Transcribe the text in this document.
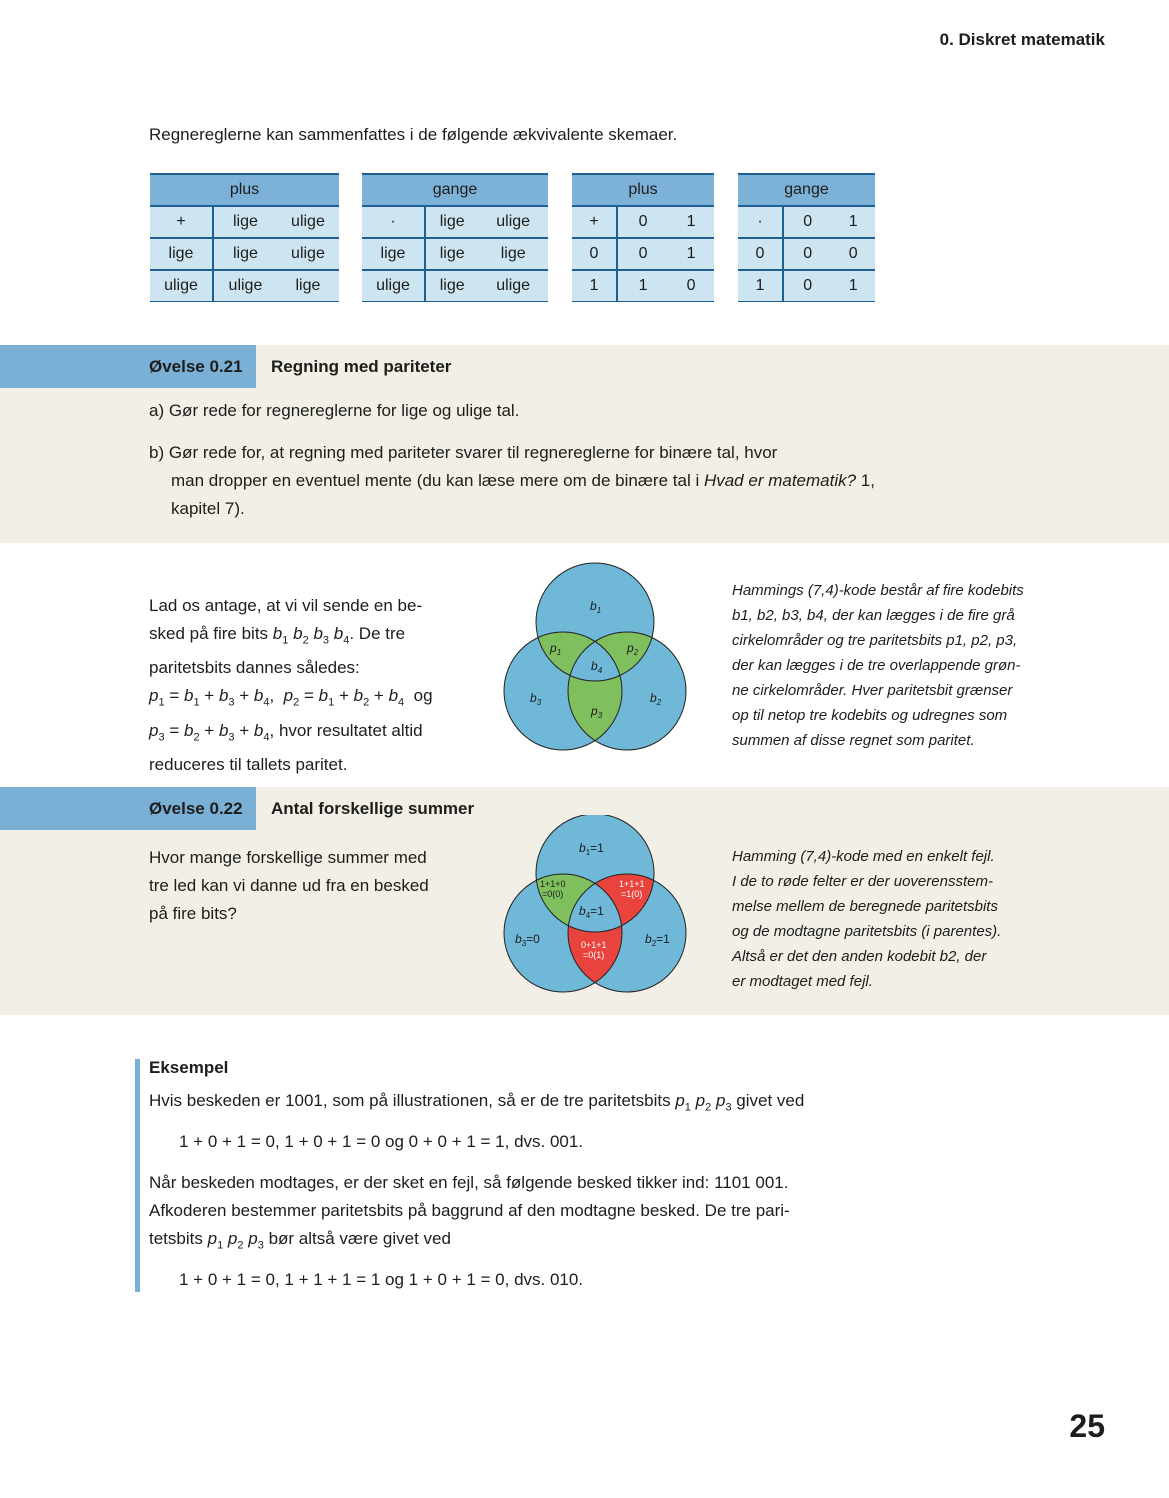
0. Diskret matematik
Regnereglerne kan sammenfattes i de følgende ækvivalente skemaer.
plus		
+	lige	ulige
lige	lige	ulige
ulige	ulige	lige
gange		
·	lige	ulige
lige	lige	lige
ulige	lige	ulige
plus		
+	0	1
0	0	1
1	1	0
gange		
·	0	1
0	0	0
1	0	1
Øvelse 0.21 Regning med pariteter
a) Gør rede for regnereglerne for lige og ulige tal.
b) Gør rede for, at regning med pariteter svarer til regnereglerne for binære tal, hvor
man dropper en eventuel mente (du kan læse mere om de binære tal i Hvad er matematik? 1, kapitel 7).
Lad os antage, at vi vil sende en be-
sked på fire bits $b_1$ $b_2$ $b_3$ $b_4$. De tre
paritetsbits dannes således:
$p_1 = b_1 + b_3 + b_4$,  $p_2 = b_1 + b_2 + b_4$ og
$p_3 = b_2 + b_3 + b_4$, hvor resultatet altid
reduceres til tallets paritet.
$b_1$
$p_1$	$p_2$
$b_4$
$b_3$	$b_2$
$p_3$
Hammings (7,4)-kode består af fire kodebits
b1, b2, b3, b4, der kan lægges i de fire grå
cirkelområder og tre paritetsbits p1, p2, p3,
der kan lægges i de tre overlappende grøn-
ne cirkelområder. Hver paritetsbit grænser
op til netop tre kodebits og udregnes som
summen af disse regnet som paritet.
Øvelse 0.22 Antal forskellige summer
Hvor mange forskellige summer med
tre led kan vi danne ud fra en besked
på fire bits?
$b_1=1$
1+1+0
=0(0)
1+1+1
=1(0)
$b_4=1$
$b_3=0$	$b_2=1$
0+1+1
=0(1)
Hamming (7,4)-kode med en enkelt fejl.
I de to røde felter er der uoverensstem-
melse mellem de beregnede paritetsbits
og de modtagne paritetsbits (i parentes).
Altså er det den anden kodebit b2, der
er modtaget med fejl.
Eksempel
Hvis beskeden er 1001, som på illustrationen, så er de tre paritetsbits $p_1$ $p_2$ $p_3$ givet ved
1 + 0 + 1 = 0, 1 + 0 + 1 = 0 og 0 + 0 + 1 = 1, dvs. 001.
Når beskeden modtages, er der sket en fejl, så følgende besked tikker ind: 1101 001.
Afkoderen bestemmer paritetsbits på baggrund af den modtagne besked. De tre pari-
tetsbits $p_1$ $p_2$ $p_3$ bør altså være givet ved
1 + 0 + 1 = 0, 1 + 1 + 1 = 1 og 1 + 0 + 1 = 0, dvs. 010.
25
